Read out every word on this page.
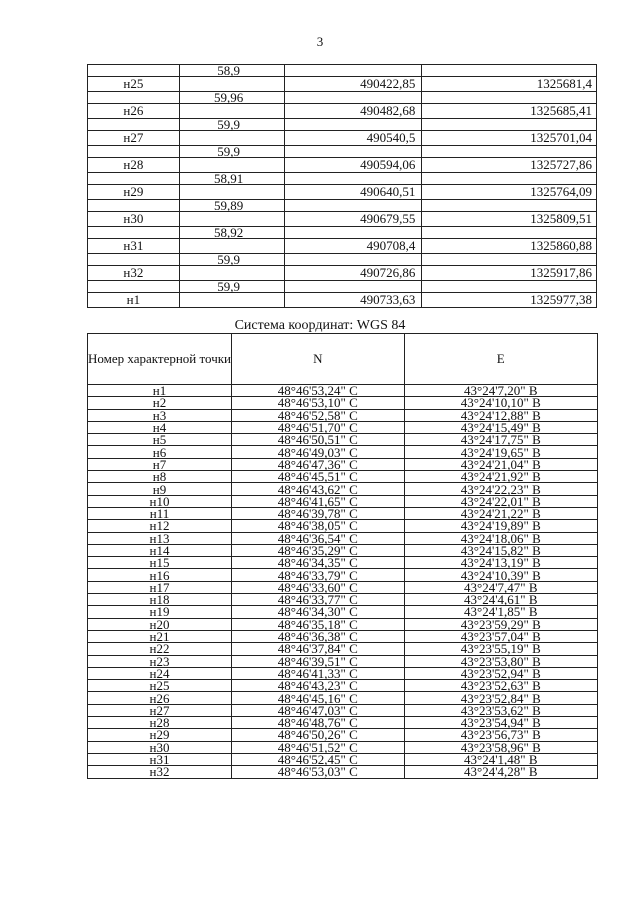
3
	58,9		
н25		490422,85	1325681,4
	59,96		
н26		490482,68	1325685,41
	59,9		
н27		490540,5	1325701,04
	59,9		
н28		490594,06	1325727,86
	58,91		
н29		490640,51	1325764,09
	59,89		
н30		490679,55	1325809,51
	58,92		
н31		490708,4	1325860,88
	59,9		
н32		490726,86	1325917,86
	59,9		
н1		490733,63	1325977,38
Система координат: WGS 84
Номер характерной точки	N	E
н1	48°46'53,24" С	43°24'7,20" В
н2	48°46'53,10" С	43°24'10,10" В
н3	48°46'52,58" С	43°24'12,88" В
н4	48°46'51,70" С	43°24'15,49" В
н5	48°46'50,51" С	43°24'17,75" В
н6	48°46'49,03" С	43°24'19,65" В
н7	48°46'47,36" С	43°24'21,04" В
н8	48°46'45,51" С	43°24'21,92" В
н9	48°46'43,62" С	43°24'22,23" В
н10	48°46'41,65" С	43°24'22,01" В
н11	48°46'39,78" С	43°24'21,22" В
н12	48°46'38,05" С	43°24'19,89" В
н13	48°46'36,54" С	43°24'18,06" В
н14	48°46'35,29" С	43°24'15,82" В
н15	48°46'34,35" С	43°24'13,19" В
н16	48°46'33,79" С	43°24'10,39" В
н17	48°46'33,60" С	43°24'7,47" В
н18	48°46'33,77" С	43°24'4,61" В
н19	48°46'34,30" С	43°24'1,85" В
н20	48°46'35,18" С	43°23'59,29" В
н21	48°46'36,38" С	43°23'57,04" В
н22	48°46'37,84" С	43°23'55,19" В
н23	48°46'39,51" С	43°23'53,80" В
н24	48°46'41,33" С	43°23'52,94" В
н25	48°46'43,23" С	43°23'52,63" В
н26	48°46'45,16" С	43°23'52,84" В
н27	48°46'47,03" С	43°23'53,62" В
н28	48°46'48,76" С	43°23'54,94" В
н29	48°46'50,26" С	43°23'56,73" В
н30	48°46'51,52" С	43°23'58,96" В
н31	48°46'52,45" С	43°24'1,48" В
н32	48°46'53,03" С	43°24'4,28" В
